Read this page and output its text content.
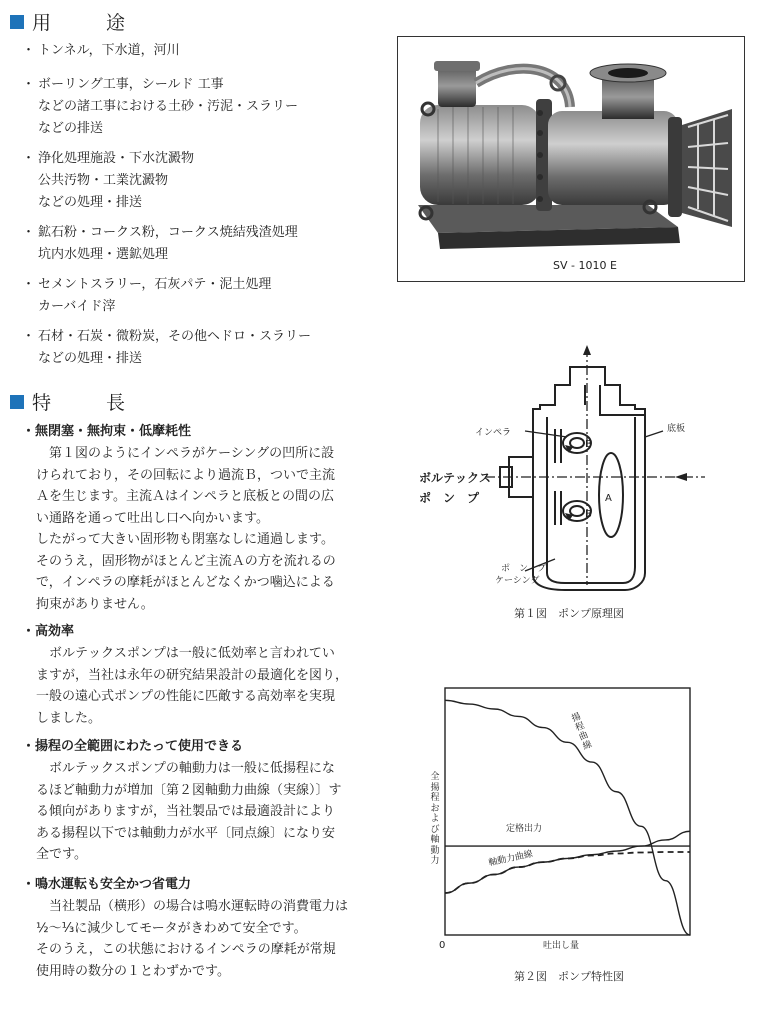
用　途
・ トンネル，下水道，河川
・ ボーリング工事，シールド 工事
などの諸工事における土砂・汚泥・スラリー
などの排送
・ 浄化処理施設・下水沈澱物
公共汚物・工業沈澱物
などの処理・排送
・ 鉱石粉・コークス粉，コークス焼結残渣処理
坑内水処理・選鉱処理
・ セメントスラリー，石灰パテ・泥土処理
カーバイド滓
・ 石材・石炭・微粉炭，その他ヘドロ・スラリー
などの処理・排送
特　長
・無閉塞・無拘束・低摩耗性
第１図のようにインペラがケーシングの凹所に設
けられており，その回転により過流Ｂ，ついで主流
Ａを生じます。主流Ａはインペラと底板との間の広
い通路を通って吐出し口へ向かいます。
したがって大きい固形物も閉塞なしに通過します。
そのうえ，固形物がほとんど主流Ａの方を流れるの
で，インペラの摩耗がほとんどなくかつ噛込による
拘束がありません。
・高効率
ボルテックスポンプは一般に低効率と言われてい
ますが，当社は永年の研究結果設計の最適化を図り，
一般の遠心式ポンプの性能に匹敵する高効率を実現
しました。
・揚程の全範囲にわたって使用できる
ボルテックスポンプの軸動力は一般に低揚程にな
るほど軸動力が増加〔第２図軸動力曲線（実線）〕す
る傾向がありますが，当社製品では最適設計により
ある揚程以下では軸動力が水平〔同点線〕になり安
全です。
・鳴水運転も安全かつ省電力
当社製品（横形）の場合は鳴水運転時の消費電力は
½～⅓に減少してモータがきわめて安全です。
そのうえ，この状態におけるインペラの摩耗が常規
使用時の数分の１とわずかです。
SV - 1010 E
インペラ	底板
ボルテックス
ポ　ン　プ
ポ　ン　プ
ケーシング
A
B
B
第１図　ポンプ原理図
0	吐出し量
全揚程および軸動力
揚程曲線
定格出力
軸動力曲線
第２図　ポンプ特性図
